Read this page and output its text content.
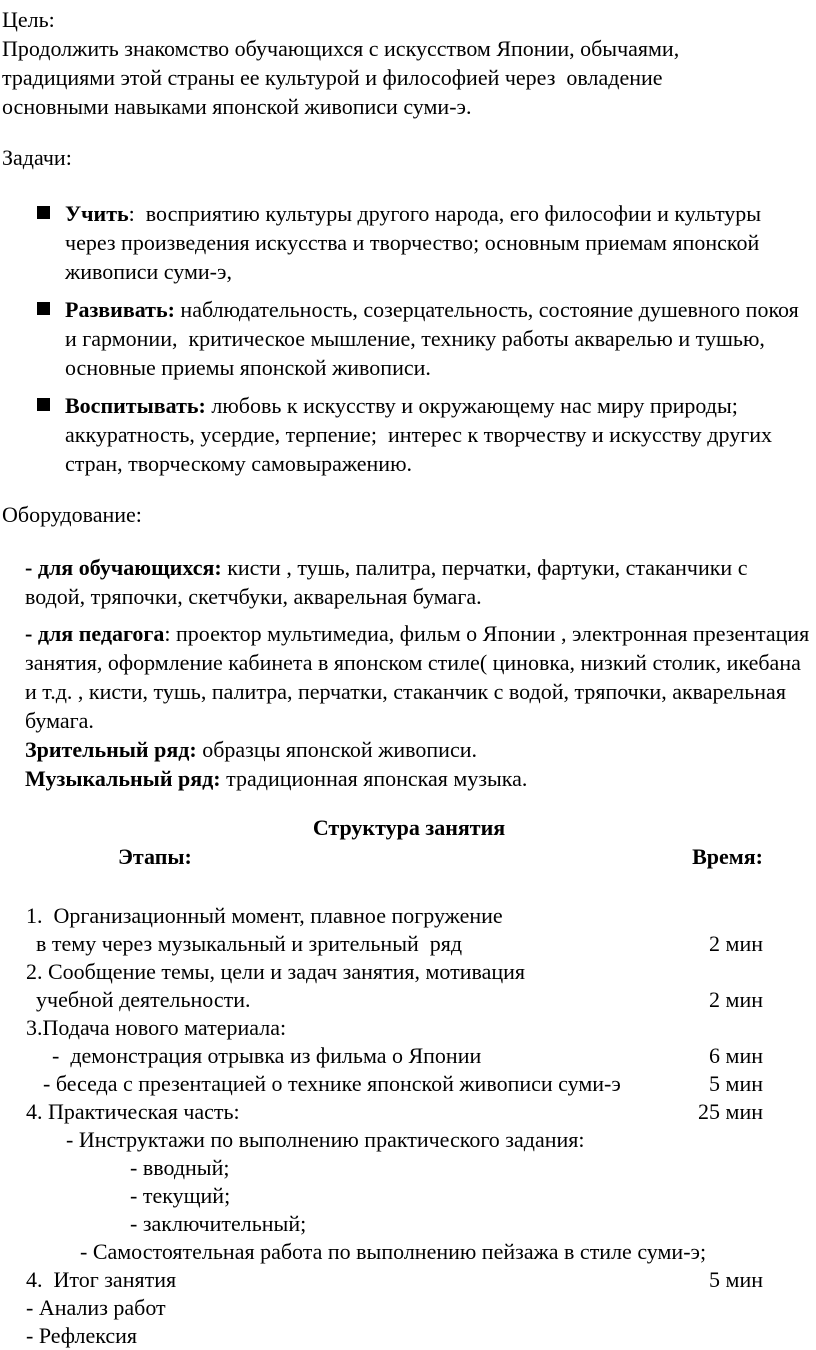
Цель:

Продолжить знакомство обучающихся с искусством Японии, обычаями, традициями этой страны ее культурой и философией через  овладение основными навыками японской живописи суми-э.

Задачи:
Учить:  восприятию культуры другого народа, его философии и культуры через произведения искусства и творчество; основным приемам японской живописи суми-э,
Развивать: наблюдательность, созерцательность, состояние душевного покоя и гармонии,  критическое мышление, технику работы акварелью и тушью, основные приемы японской живописи.
Воспитывать: любовь к искусству и окружающему нас миру природы; аккуратность, усердие, терпение;  интерес к творчеству и искусству других стран, творческому самовыражению.
Оборудование:

- для обучающихся: кисти , тушь, палитра, перчатки, фартуки, стаканчики с водой, тряпочки, скетчбуки, акварельная бумага.

- для педагога: проектор мультимедиа, фильм о Японии , электронная презентация занятия, оформление кабинета в японском стиле( циновка, низкий столик, икебана и т.д. , кисти, тушь, палитра, перчатки, стаканчик с водой, тряпочки, акварельная бумага.

Зрительный ряд: образцы японской живописи.

Музыкальный ряд: традиционная японская музыка.

Структура занятия
Этапы:	Время:
1.  Организационный момент, плавное погружение
в тему через музыкальный и зрительный  ряд	2 мин
2. Сообщение темы, цели и задач занятия, мотивация
учебной деятельности.	2 мин
3.Подача нового материала:
-  демонстрация отрывка из фильма о Японии	6 мин
- беседа с презентацией о технике японской живописи суми-э	5 мин
4. Практическая часть:	25 мин
- Инструктажи по выполнению практического задания:
- вводный;
- текущий;
- заключительный;
- Самостоятельная работа по выполнению пейзажа в стиле суми-э;
4.  Итог занятия	5 мин
- Анализ работ
- Рефлексия
